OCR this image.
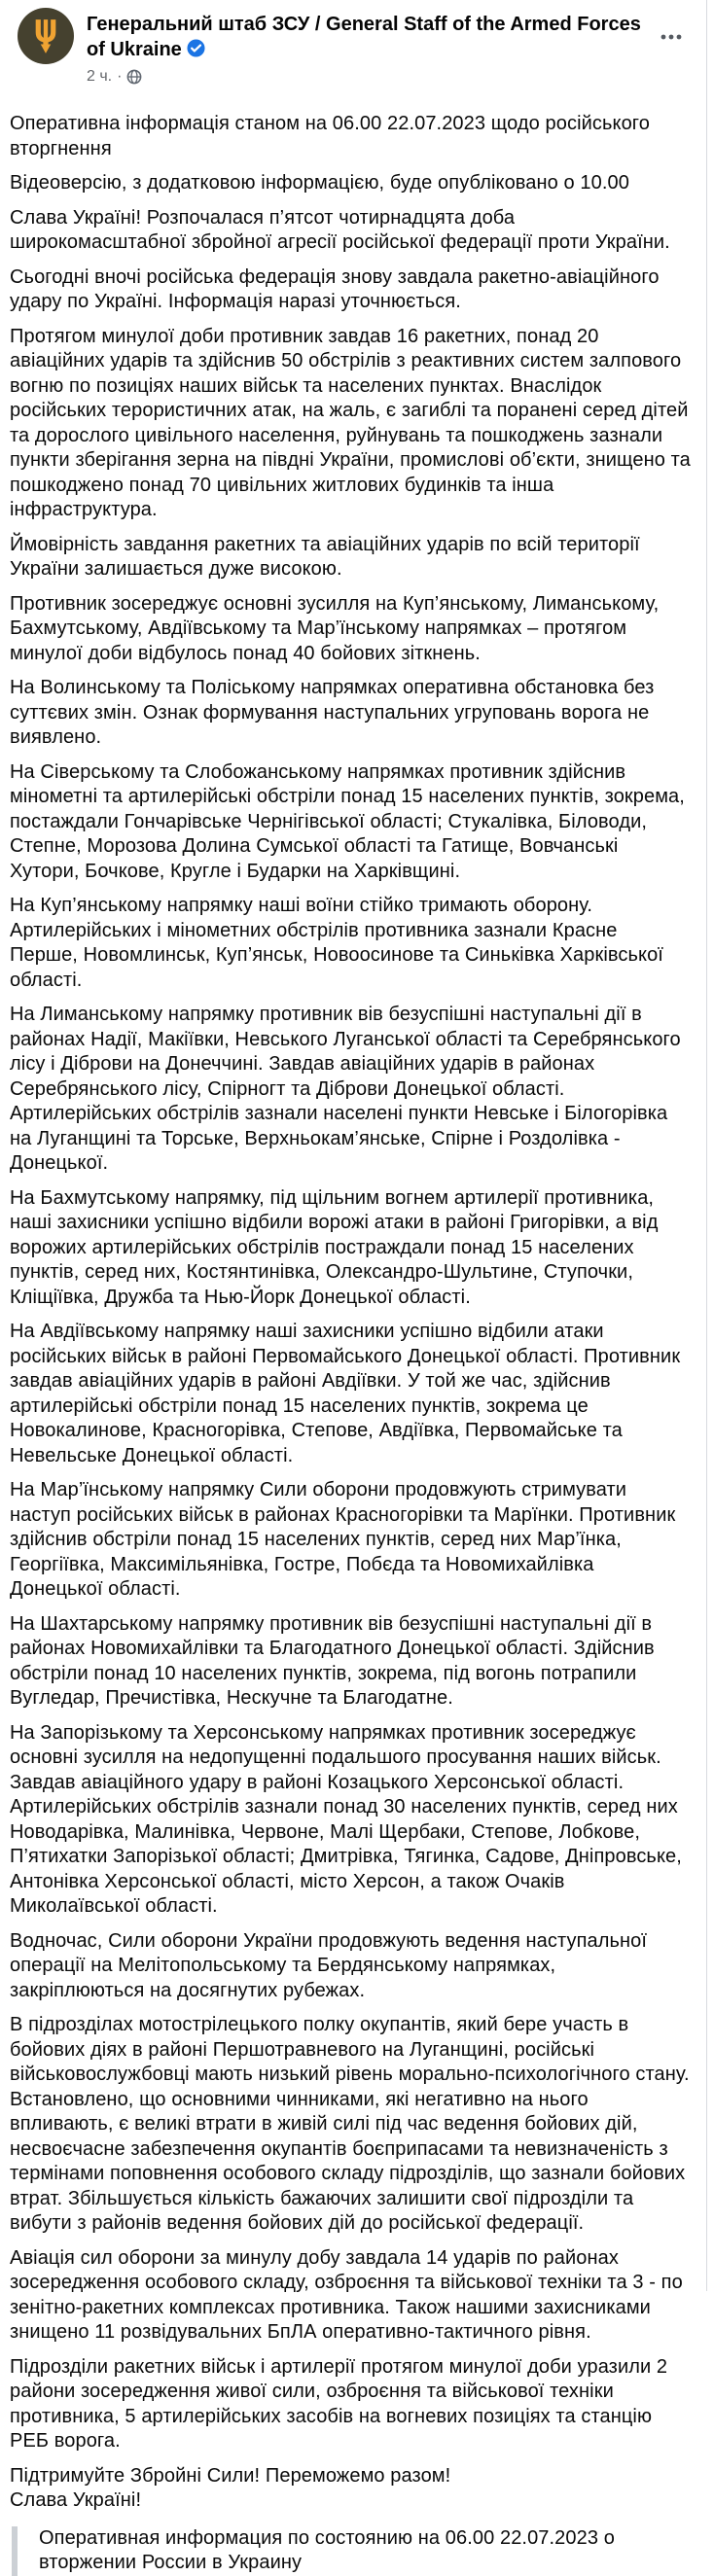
Генеральний штаб ЗСУ / General Staff of the Armed Forces of Ukraine
2 ч. ·

Оперативна інформація станом на 06.00 22.07.2023 щодо російського вторгнення

Відеоверсію, з додатковою інформацією, буде опубліковано о 10.00

Слава Україні! Розпочалася п’ятсот чотирнадцята доба широкомасштабної збройної агресії російської федерації проти України.

Сьогодні вночі російська федерація знову завдала ракетно-авіаційного удару по Україні. Інформація наразі уточнюється.

Протягом минулої доби противник завдав 16 ракетних, понад 20 авіаційних ударів та здійснив 50 обстрілів з реактивних систем залпового вогню по позиціях наших військ та населених пунктах. Внаслідок російських терористичних атак, на жаль, є загиблі та поранені серед дітей та дорослого цивільного населення, руйнувань та пошкоджень зазнали пункти зберігання зерна на півдні України, промислові об’єкти, знищено та пошкоджено понад 70 цивільних житлових будинків та інша інфраструктура.

Ймовірність завдання ракетних та авіаційних ударів по всій території України залишається дуже високою.

Противник зосереджує основні зусилля на Куп’янському, Лиманському, Бахмутському, Авдіївському та Мар’їнському напрямках – протягом минулої доби відбулось понад 40 бойових зіткнень.

На Волинському та Поліському напрямках оперативна обстановка без суттєвих змін. Ознак формування наступальних угруповань ворога не виявлено.

На Сіверському та Слобожанському напрямках противник здійснив мінометні та артилерійські обстріли понад 15 населених пунктів, зокрема, постаждали Гончарівське Чернігівської області; Стукалівка, Біловоди, Степне, Морозова Долина Сумської області та Гатище, Вовчанські Хутори, Бочкове, Кругле і Бударки на Харківщині.

На Куп’янському напрямку наші воїни стійко тримають оборону. Артилерійських і мінометних обстрілів противника зазнали Красне Перше, Новомлинськ, Куп’янськ, Новоосинове та Синьківка Харківської області.

На Лиманському напрямку противник вів безуспішні наступальні дії в районах Надії, Макіївки, Невського Луганської області та Серебрянського лісу і Діброви на Донеччині. Завдав авіаційних ударів в районах Серебрянського лісу, Спірногт та Діброви Донецької області. Артилерійських обстрілів зазнали населені пункти Невське і Білогорівка на Луганщині та Торське, Верхньокам’янське, Спірне і Роздолівка - Донецької.

На Бахмутському напрямку, під щільним вогнем артилерії противника, наші захисники успішно відбили ворожі атаки в районі Григорівки, а від ворожих артилерійських обстрілів постраждали понад 15 населених пунктів, серед них, Костянтинівка, Олександро-Шультине, Ступочки, Кліщіївка, Дружба та Нью-Йорк Донецької області.

На Авдіївському напрямку наші захисники успішно відбили атаки російських військ в районі Первомайського Донецької області. Противник завдав авіаційних ударів в районі Авдіївки. У той же час, здійснив артилерійські обстріли понад 15 населених пунктів, зокрема це Новокалинове, Красногорівка, Степове, Авдіївка, Первомайське та Невельське Донецької області.

На Мар’їнському напрямку Сили оборони продовжують стримувати наступ російських військ в районах Красногорівки та Марїнки. Противник здійснив обстріли понад 15 населених пунктів, серед них Мар’їнка, Георгіївка, Максимільянівка, Гостре, Побєда та Новомихайлівка Донецької області.

На Шахтарському напрямку противник вів безуспішні наступальні дії в районах Новомихайлівки та Благодатного Донецької області. Здійснив обстріли понад 10 населених пунктів, зокрема, під вогонь потрапили Вугледар, Пречистівка, Нескучне та Благодатне.

На Запорізькому та Херсонському напрямках противник зосереджує основні зусилля на недопущенні подальшого просування наших військ. Завдав авіаційного удару в районі Козацького Херсонської області. Артилерійських обстрілів зазнали понад 30 населених пунктів, серед них Новодарівка, Малинівка, Червоне, Малі Щербаки, Степове, Лобкове, П’ятихатки Запорізької області; Дмитрівка, Тягинка, Садове, Дніпровське, Антонівка Херсонської області, місто Херсон, а також Очаків Миколаївської області.

Водночас, Сили оборони України продовжують ведення наступальної операції на Мелітопольському та Бердянському напрямках, закріплюються на досягнутих рубежах.

В підрозділах мотострілецького полку окупантів, який бере участь в бойових діях в районі Першотравневого на Луганщині, російські військовослужбовці мають низький рівень морально-психологічного стану. Встановлено, що основними чинниками, які негативно на нього впливають, є великі втрати в живій силі під час ведення бойових дій, несвоєчасне забезпечення окупантів боєприпасами та невизначеність з термінами поповнення особового складу підрозділів, що зазнали бойових втрат. Збільшується кількість бажаючих залишити свої підрозділи та вибути з районів ведення бойових дій до російської федерації.

Авіація сил оборони за минулу добу завдала 14 ударів по районах зосередження особового складу, озброєння та військової техніки та 3 - по зенітно-ракетних комплексах противника. Також нашими захисниками знищено 11 розвідувальних БпЛА оперативно-тактичного рівня.

Підрозділи ракетних військ і артилерії протягом минулої доби уразили 2 райони зосередження живої сили, озброєння та військової техніки противника, 5 артилерійських засобів на вогневих позиціях та станцію РЕБ ворога.

Підтримуйте Збройні Сили! Переможемо разом!
Слава Україні!

Оперативная информация по состоянию на 06.00 22.07.2023 о вторжении России в Украину
